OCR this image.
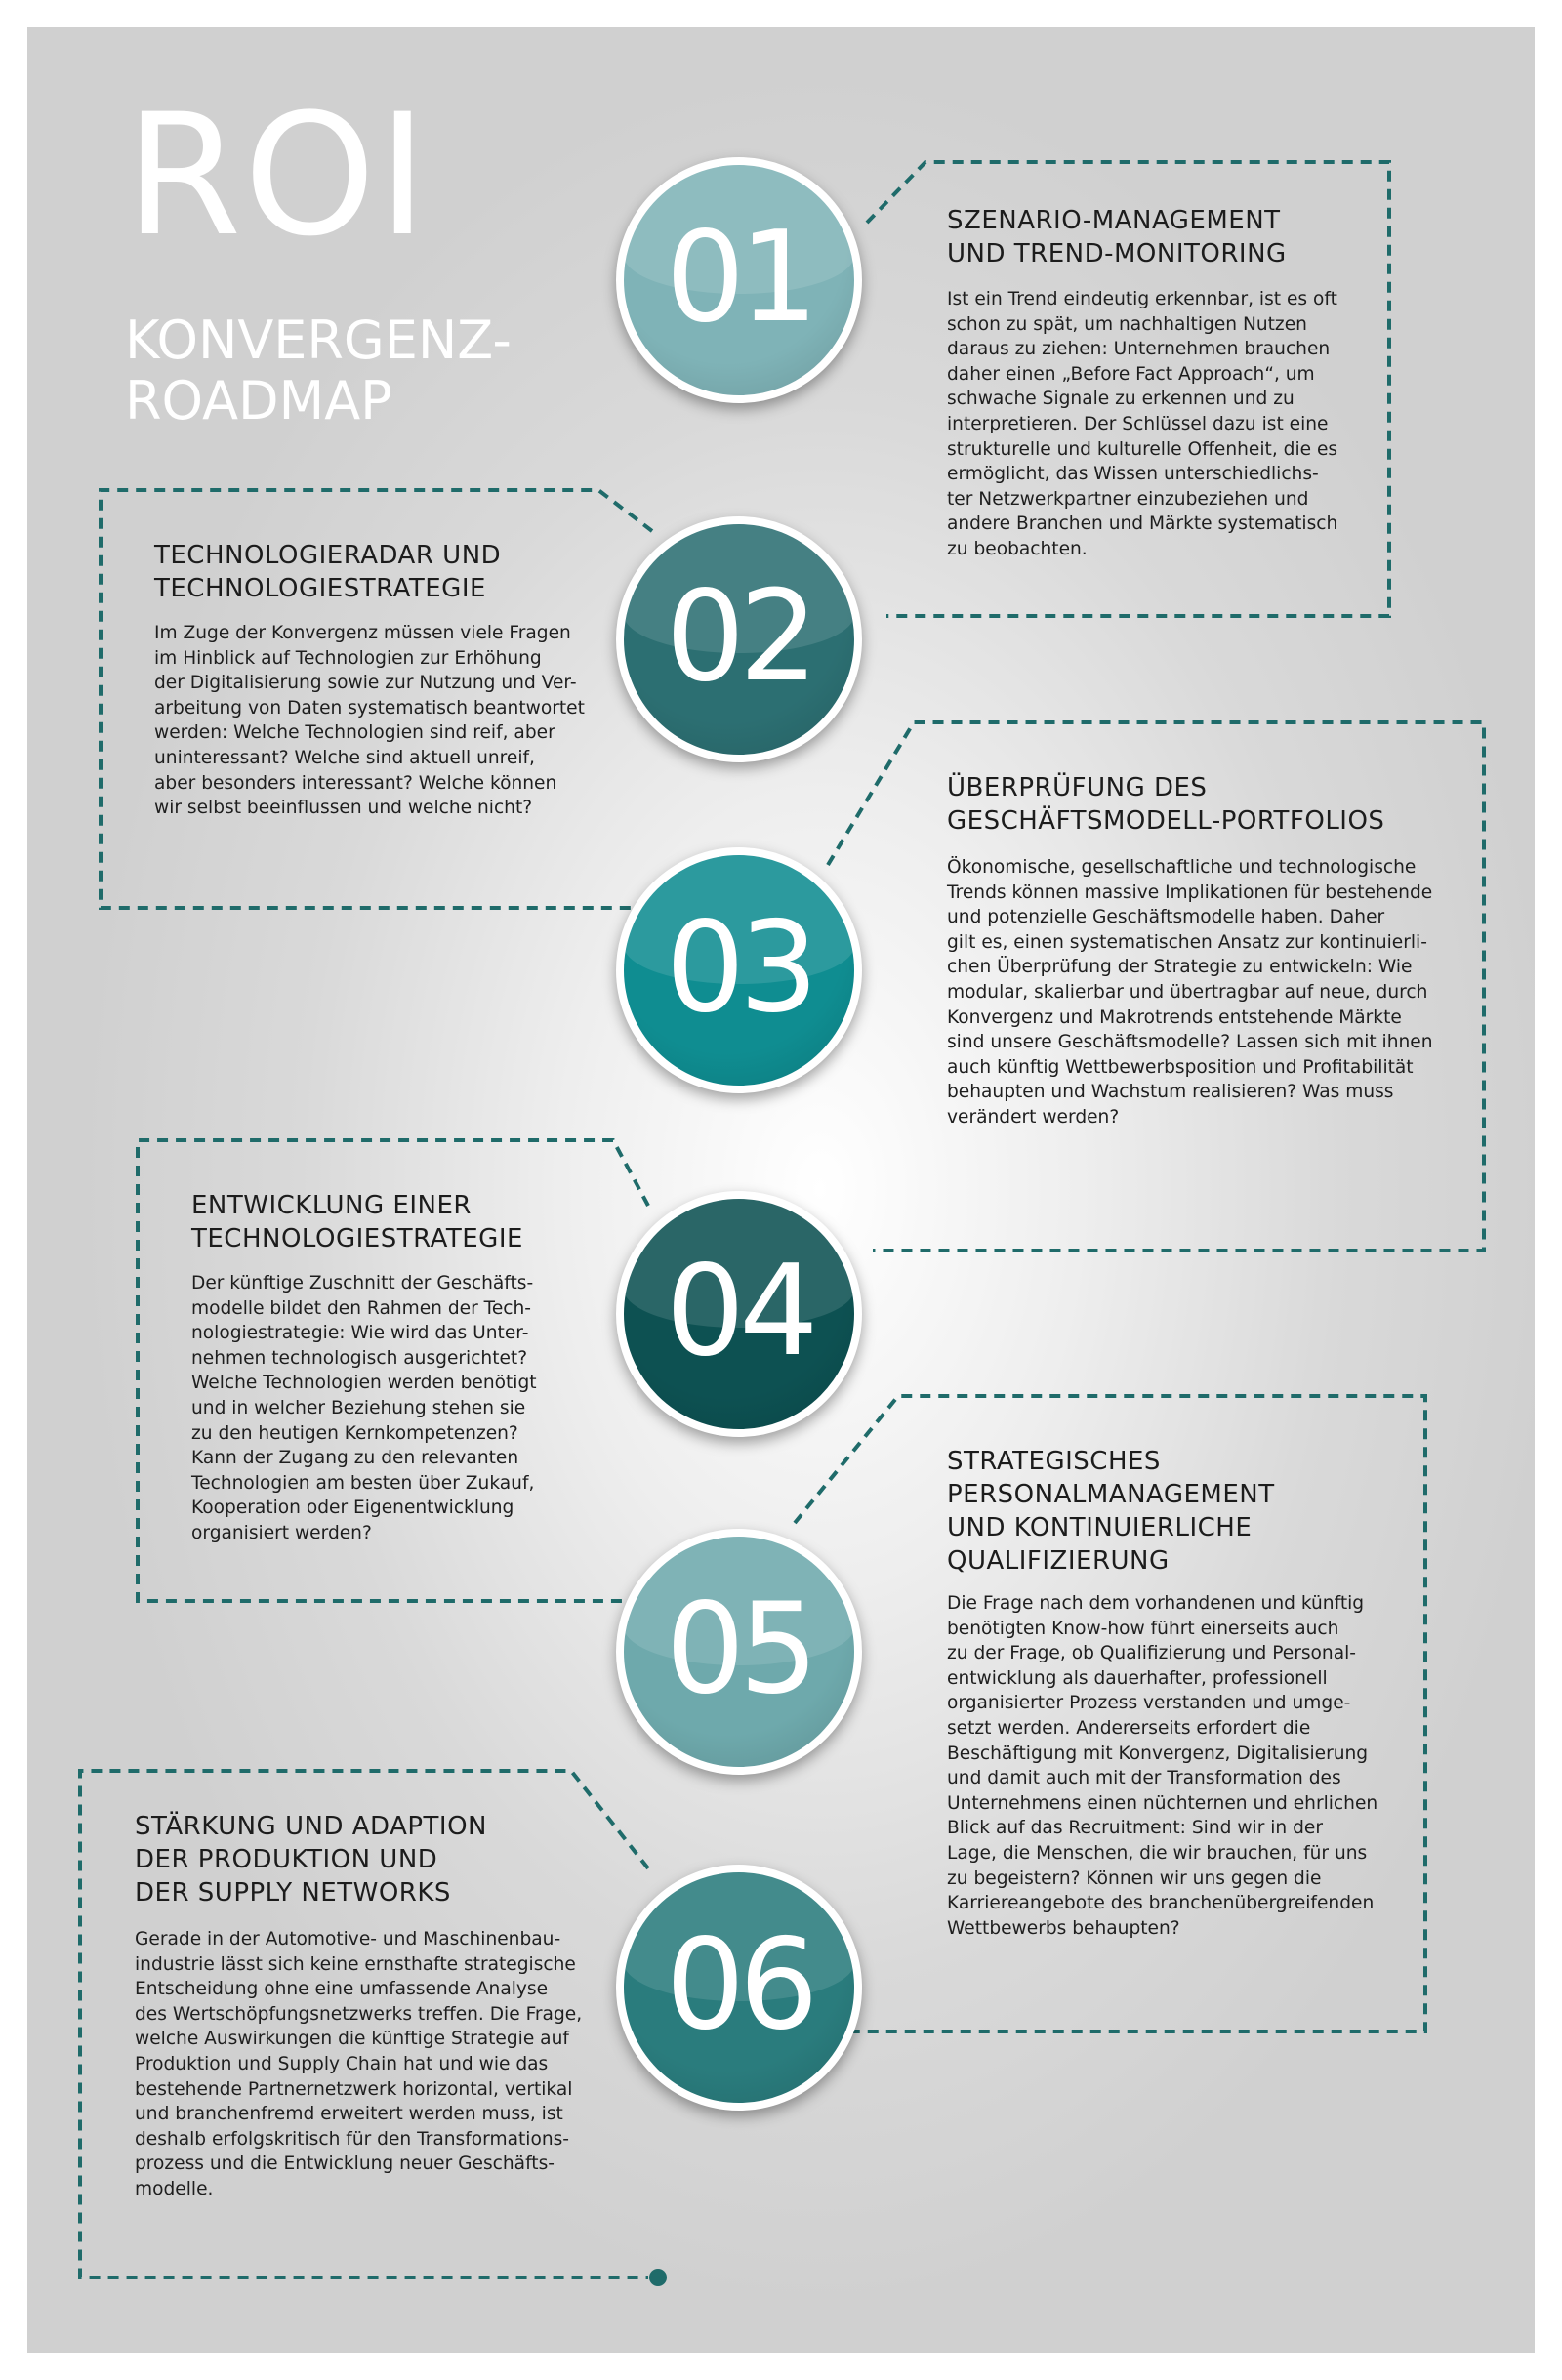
ROI
KONVERGENZ-
ROADMAP
01	SZENARIO-MANAGEMENT
UND TREND-MONITORING
Ist ein Trend eindeutig erkennbar, ist es oft
schon zu spät, um nachhaltigen Nutzen
daraus zu ziehen: Unternehmen brauchen
daher einen „Before Fact Approach“, um
schwache Signale zu erkennen und zu
interpretieren. Der Schlüssel dazu ist eine
strukturelle und kulturelle Offenheit, die es
ermöglicht, das Wissen unterschiedlichs-
ter Netzwerkpartner einzubeziehen und
andere Branchen und Märkte systematisch
zu beobachten.
02
TECHNOLOGIERADAR UND
TECHNOLOGIESTRATEGIE
Im Zuge der Konvergenz müssen viele Fragen
im Hinblick auf Technologien zur Erhöhung
der Digitalisierung sowie zur Nutzung und Ver-
arbeitung von Daten systematisch beantwortet
werden: Welche Technologien sind reif, aber
uninteressant? Welche sind aktuell unreif,
aber besonders interessant? Welche können
wir selbst beeinflussen und welche nicht?
03
ÜBERPRÜFUNG DES
GESCHÄFTSMODELL-PORTFOLIOS
Ökonomische, gesellschaftliche und technologische
Trends können massive Implikationen für bestehende
und potenzielle Geschäftsmodelle haben. Daher
gilt es, einen systematischen Ansatz zur kontinuierli-
chen Überprüfung der Strategie zu entwickeln: Wie
modular, skalierbar und übertragbar auf neue, durch
Konvergenz und Makrotrends entstehende Märkte
sind unsere Geschäftsmodelle? Lassen sich mit ihnen
auch künftig Wettbewerbsposition und Profitabilität
behaupten und Wachstum realisieren? Was muss
verändert werden?
04
ENTWICKLUNG EINER
TECHNOLOGIESTRATEGIE
Der künftige Zuschnitt der Geschäfts-
modelle bildet den Rahmen der Tech-
nologiestrategie: Wie wird das Unter-
nehmen technologisch ausgerichtet?
Welche Technologien werden benötigt
und in welcher Beziehung stehen sie
zu den heutigen Kernkompetenzen?
Kann der Zugang zu den relevanten
Technologien am besten über Zukauf,
Kooperation oder Eigenentwicklung
organisiert werden?
05
STRATEGISCHES
PERSONALMANAGEMENT
UND KONTINUIERLICHE
QUALIFIZIERUNG
Die Frage nach dem vorhandenen und künftig
benötigten Know-how führt einerseits auch
zu der Frage, ob Qualifizierung und Personal-
entwicklung als dauerhafter, professionell
organisierter Prozess verstanden und umge-
setzt werden. Andererseits erfordert die
Beschäftigung mit Konvergenz, Digitalisierung
und damit auch mit der Transformation des
Unternehmens einen nüchternen und ehrlichen
Blick auf das Recruitment: Sind wir in der
Lage, die Menschen, die wir brauchen, für uns
zu begeistern? Können wir uns gegen die
Karriereangebote des branchenübergreifenden
Wettbewerbs behaupten?
06
STÄRKUNG UND ADAPTION
DER PRODUKTION UND
DER SUPPLY NETWORKS
Gerade in der Automotive- und Maschinenbau-
industrie lässt sich keine ernsthafte strategische
Entscheidung ohne eine umfassende Analyse
des Wertschöpfungsnetzwerks treffen. Die Frage,
welche Auswirkungen die künftige Strategie auf
Produktion und Supply Chain hat und wie das
bestehende Partnernetzwerk horizontal, vertikal
und branchenfremd erweitert werden muss, ist
deshalb erfolgskritisch für den Transformations-
prozess und die Entwicklung neuer Geschäfts-
modelle.
